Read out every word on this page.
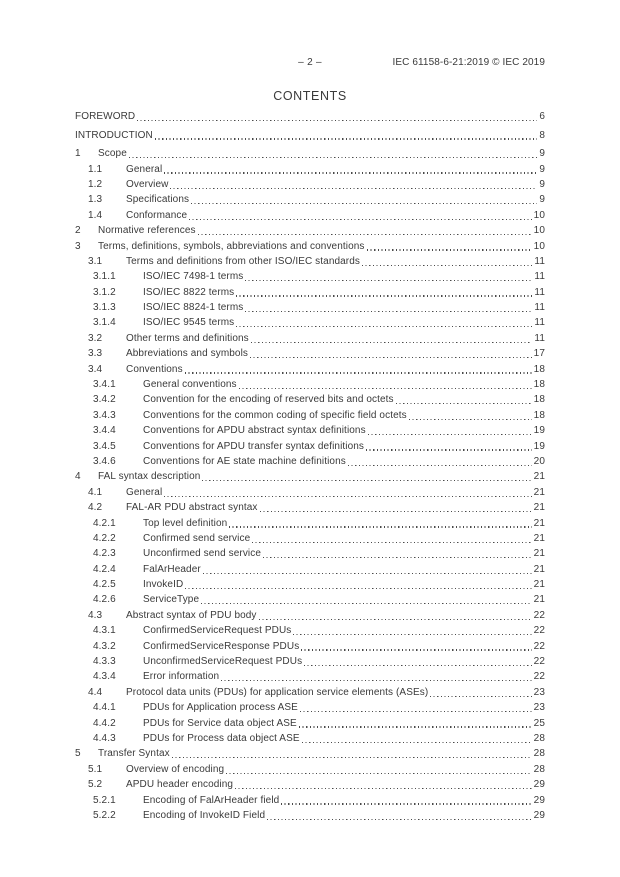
– 2 –	IEC 61158-6-21:2019 © IEC 2019
CONTENTS
FOREWORD	6
INTRODUCTION	8
1	Scope	9
1.1	General	9
1.2	Overview	9
1.3	Specifications	9
1.4	Conformance	10
2	Normative references	10
3	Terms, definitions, symbols, abbreviations and conventions	10
3.1	Terms and definitions from other ISO/IEC standards	11
3.1.1	ISO/IEC 7498-1 terms	11
3.1.2	ISO/IEC 8822 terms	11
3.1.3	ISO/IEC 8824-1 terms	11
3.1.4	ISO/IEC 9545 terms	11
3.2	Other terms and definitions	11
3.3	Abbreviations and symbols	17
3.4	Conventions	18
3.4.1	General conventions	18
3.4.2	Convention for the encoding of reserved bits and octets	18
3.4.3	Conventions for the common coding of specific field octets	18
3.4.4	Conventions for APDU abstract syntax definitions	19
3.4.5	Conventions for APDU transfer syntax definitions	19
3.4.6	Conventions for AE state machine definitions	20
4	FAL syntax description	21
4.1	General	21
4.2	FAL-AR PDU abstract syntax	21
4.2.1	Top level definition	21
4.2.2	Confirmed send service	21
4.2.3	Unconfirmed send service	21
4.2.4	FalArHeader	21
4.2.5	InvokeID	21
4.2.6	ServiceType	21
4.3	Abstract syntax of PDU body	22
4.3.1	ConfirmedServiceRequest PDUs	22
4.3.2	ConfirmedServiceResponse PDUs	22
4.3.3	UnconfirmedServiceRequest PDUs	22
4.3.4	Error information	22
4.4	Protocol data units (PDUs) for application service elements (ASEs)	23
4.4.1	PDUs for Application process ASE	23
4.4.2	PDUs for Service data object ASE	25
4.4.3	PDUs for Process data object ASE	28
5	Transfer Syntax	28
5.1	Overview of encoding	28
5.2	APDU header encoding	29
5.2.1	Encoding of FalArHeader field	29
5.2.2	Encoding of InvokeID Field	29
